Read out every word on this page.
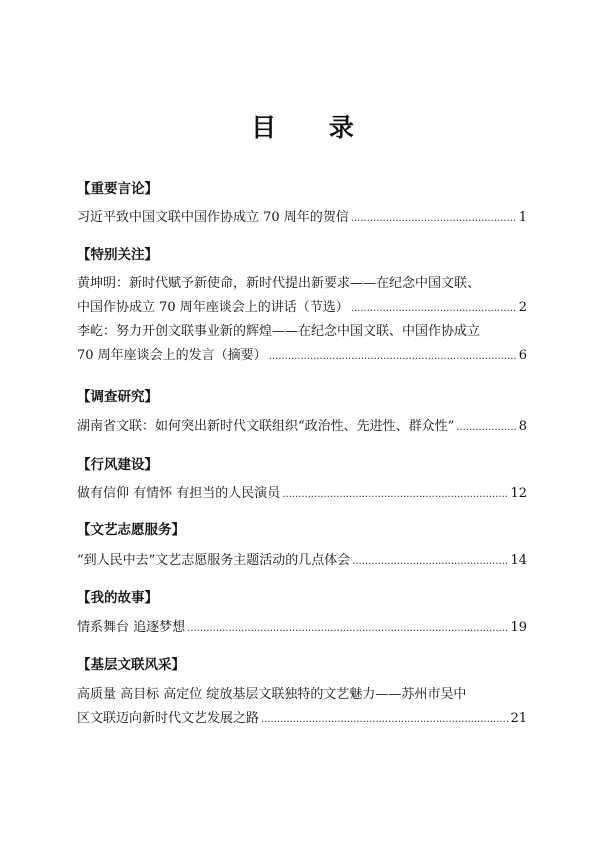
目 录
【重要言论】
习近平致中国文联中国作协成立 70 周年的贺信 .....	1
【特别关注】
黄坤明：新时代赋予新使命，新时代提出新要求——在纪念中国文联、
中国作协成立 70 周年座谈会上的讲话（节选） .....	2
李屹：努力开创文联事业新的辉煌——在纪念中国文联、中国作协成立
70 周年座谈会上的发言（摘要） .....	6
【调查研究】
湖南省文联：如何突出新时代文联组织“政治性、先进性、群众性” .....	8
【行风建设】
做有信仰 有情怀 有担当的人民演员 .....	12
【文艺志愿服务】
“到人民中去”文艺志愿服务主题活动的几点体会 .....	14
【我的故事】
情系舞台 追逐梦想 .....	19
【基层文联风采】
高质量 高目标 高定位 绽放基层文联独特的文艺魅力——苏州市吴中
区文联迈向新时代文艺发展之路 .....	21
